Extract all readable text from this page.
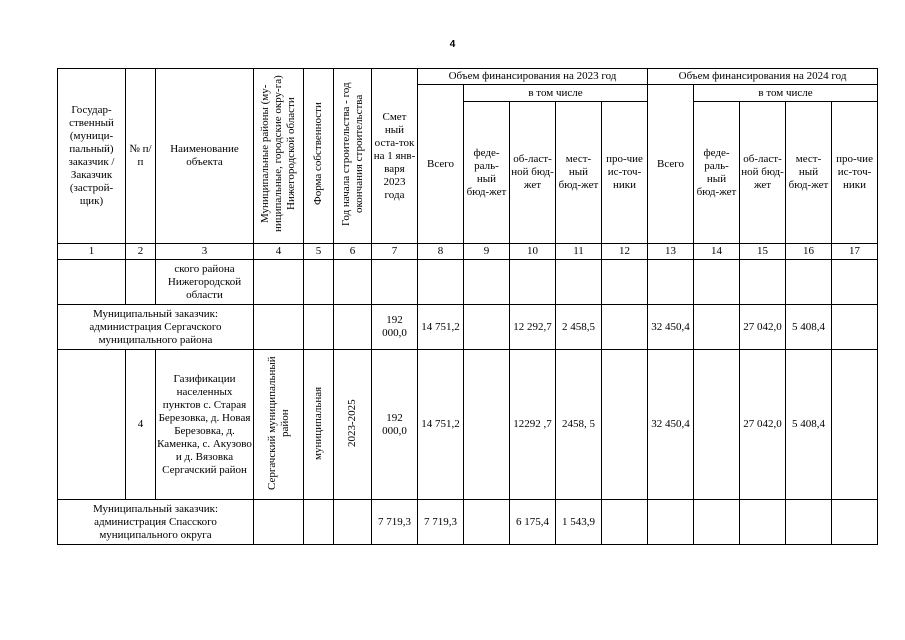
4
Государ-ственный (муници-пальный) заказчик / Заказчик (застрой-щик)	№ п/п	Наименование объекта	Муниципальные районы (му-ниципальные, городские окру-га) Нижегородской области	Форма собственности	Год начала строительства - год окончания строительства	Смет ный оста-ток на 1 янв-варя 2023 года	Объем финансирования на 2023 год					Объем финансирования на 2024 год				
							Всего	в том числе				Всего	в том числе			
								феде-раль-ный бюд-жет	об-ласт-ной бюд-жет	мест-ный бюд-жет	про-чие ис-точ-ники		феде-раль-ный бюд-жет	об-ласт-ной бюд-жет	мест-ный бюд-жет	про-чие ис-точ-ники
1	2	3	4	5	6	7	8	9	10	11	12	13	14	15	16	17
		ского района Нижегородской области														
Муниципальный заказчик: администрация Сергачского муниципального района						192 000,0	14 751,2		12 292,7	2 458,5		32 450,4		27 042,0	5 408,4	
	4	Газификации населенных пунктов с. Старая Березовка, д. Новая Березовка, д. Каменка, с. Акузово и д. Вязовка Сергачский район	Сергачский муниципальный район	муниципальная	2023-2025	192 000,0	14 751,2		12292 ,7	2458, 5		32 450,4		27 042,0	5 408,4	
Муниципальный заказчик: администрация Спасского муниципального округа						7 719,3	7 719,3		6 175,4	1 543,9						
